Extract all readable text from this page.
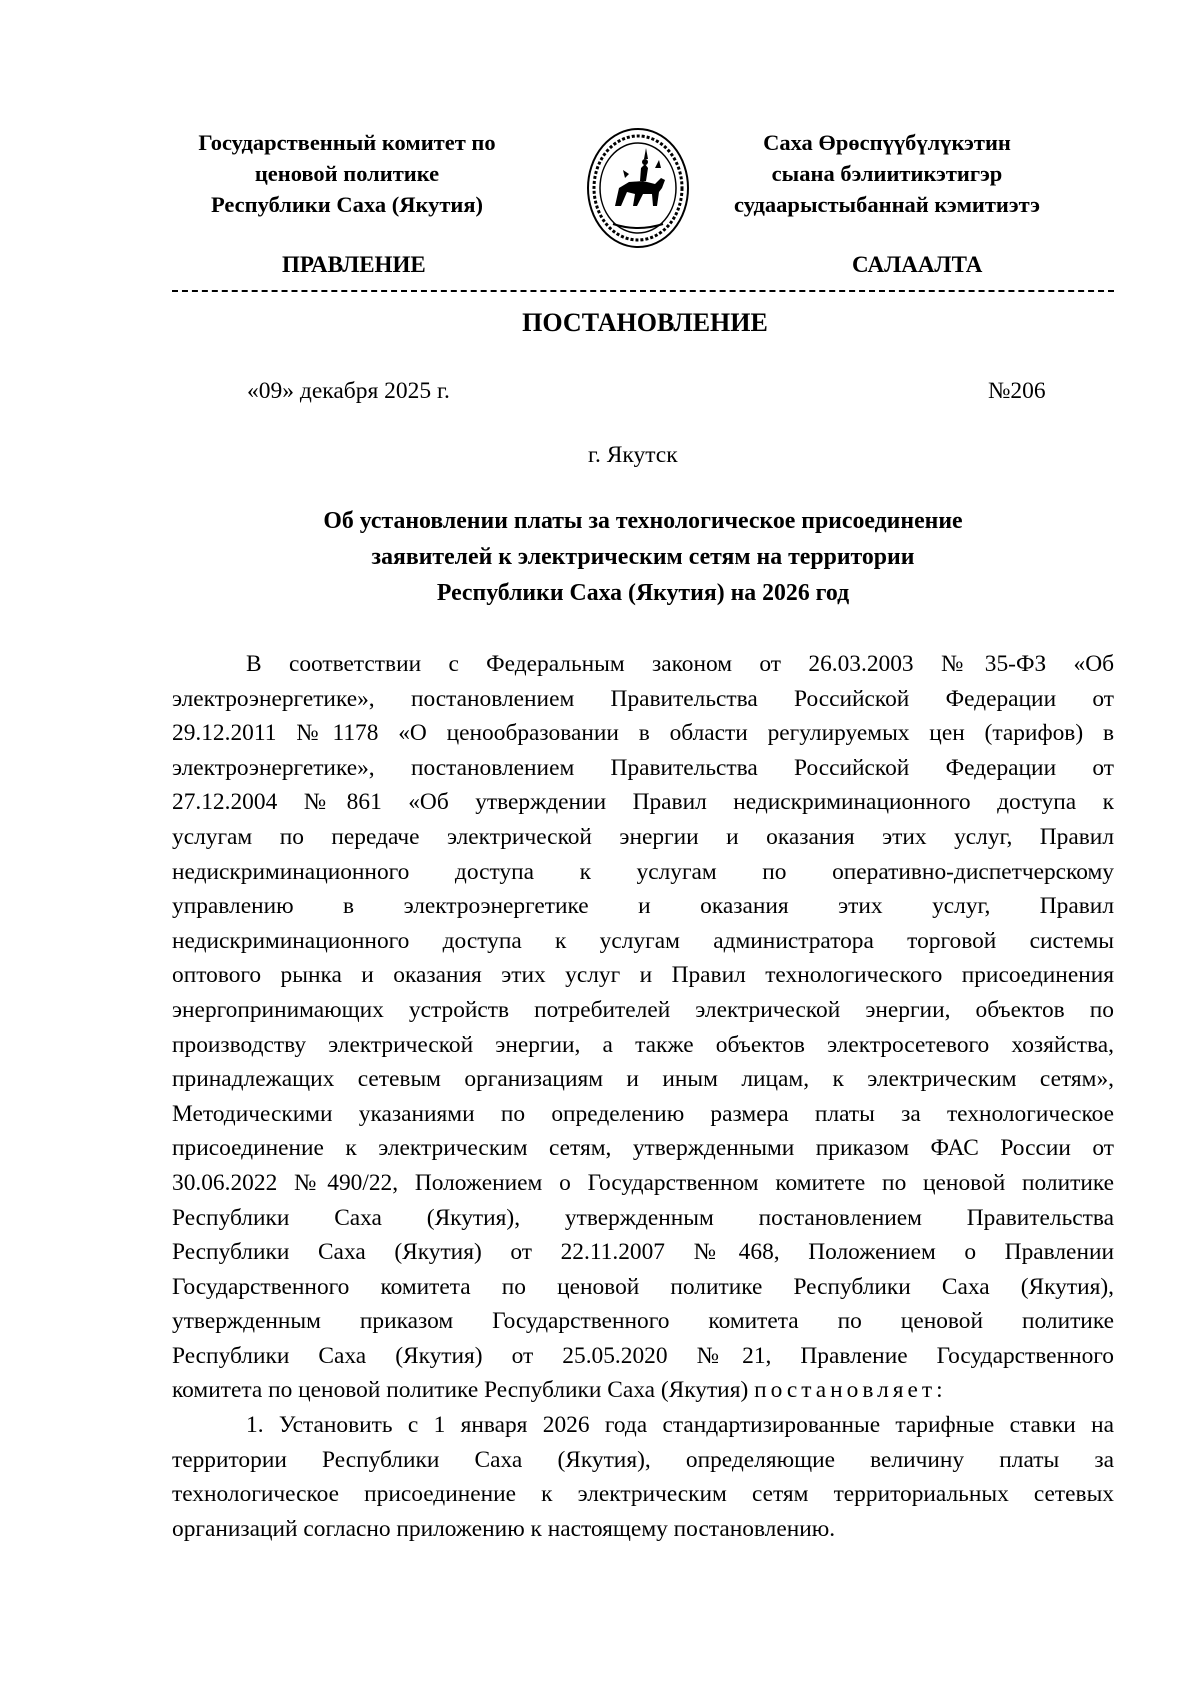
Государственный комитет по
ценовой политике
Республики Саха (Якутия)
Саха Өрөспүүбүлүкэтин
сыана бэлиитикэтигэр
судаарыстыбаннай кэмитиэтэ
ПРАВЛЕНИЕ	САЛААЛТА
ПОСТАНОВЛЕНИЕ
«09» декабря 2025 г.	№206
г. Якутск
Об установлении платы за технологическое присоединение
заявителей к электрическим сетям на территории
Республики Саха (Якутия) на 2026 год
В соответствии с Федеральным законом от 26.03.2003 №35-ФЗ «Об
электроэнергетике», постановлением Правительства Российской Федерации от
29.12.2011 №1178 «О ценообразовании в области регулируемых цен (тарифов) в
электроэнергетике», постановлением Правительства Российской Федерации от
27.12.2004 №861 «Об утверждении Правил недискриминационного доступа к
услугам по передаче электрической энергии и оказания этих услуг, Правил
недискриминационного доступа к услугам по оперативно-диспетчерскому
управлению в электроэнергетике и оказания этих услуг, Правил
недискриминационного доступа к услугам администратора торговой системы
оптового рынка и оказания этих услуг и Правил технологического присоединения
энергопринимающих устройств потребителей электрической энергии, объектов по
производству электрической энергии, а также объектов электросетевого хозяйства,
принадлежащих сетевым организациям и иным лицам, к электрическим сетям»,
Методическими указаниями по определению размера платы за технологическое
присоединение к электрическим сетям, утвержденными приказом ФАС России от
30.06.2022 №490/22, Положением о Государственном комитете по ценовой политике
Республики Саха (Якутия), утвержденным постановлением Правительства
Республики Саха (Якутия) от 22.11.2007 №468, Положением о Правлении
Государственного комитета по ценовой политике Республики Саха (Якутия),
утвержденным приказом Государственного комитета по ценовой политике
Республики Саха (Якутия) от 25.05.2020 №21, Правление Государственного
комитета по ценовой политике Республики Саха (Якутия) постановляет:
1. Установить с 1 января 2026 года стандартизированные тарифные ставки на
территории Республики Саха (Якутия), определяющие величину платы за
технологическое присоединение к электрическим сетям территориальных сетевых
организаций согласно приложению к настоящему постановлению.
